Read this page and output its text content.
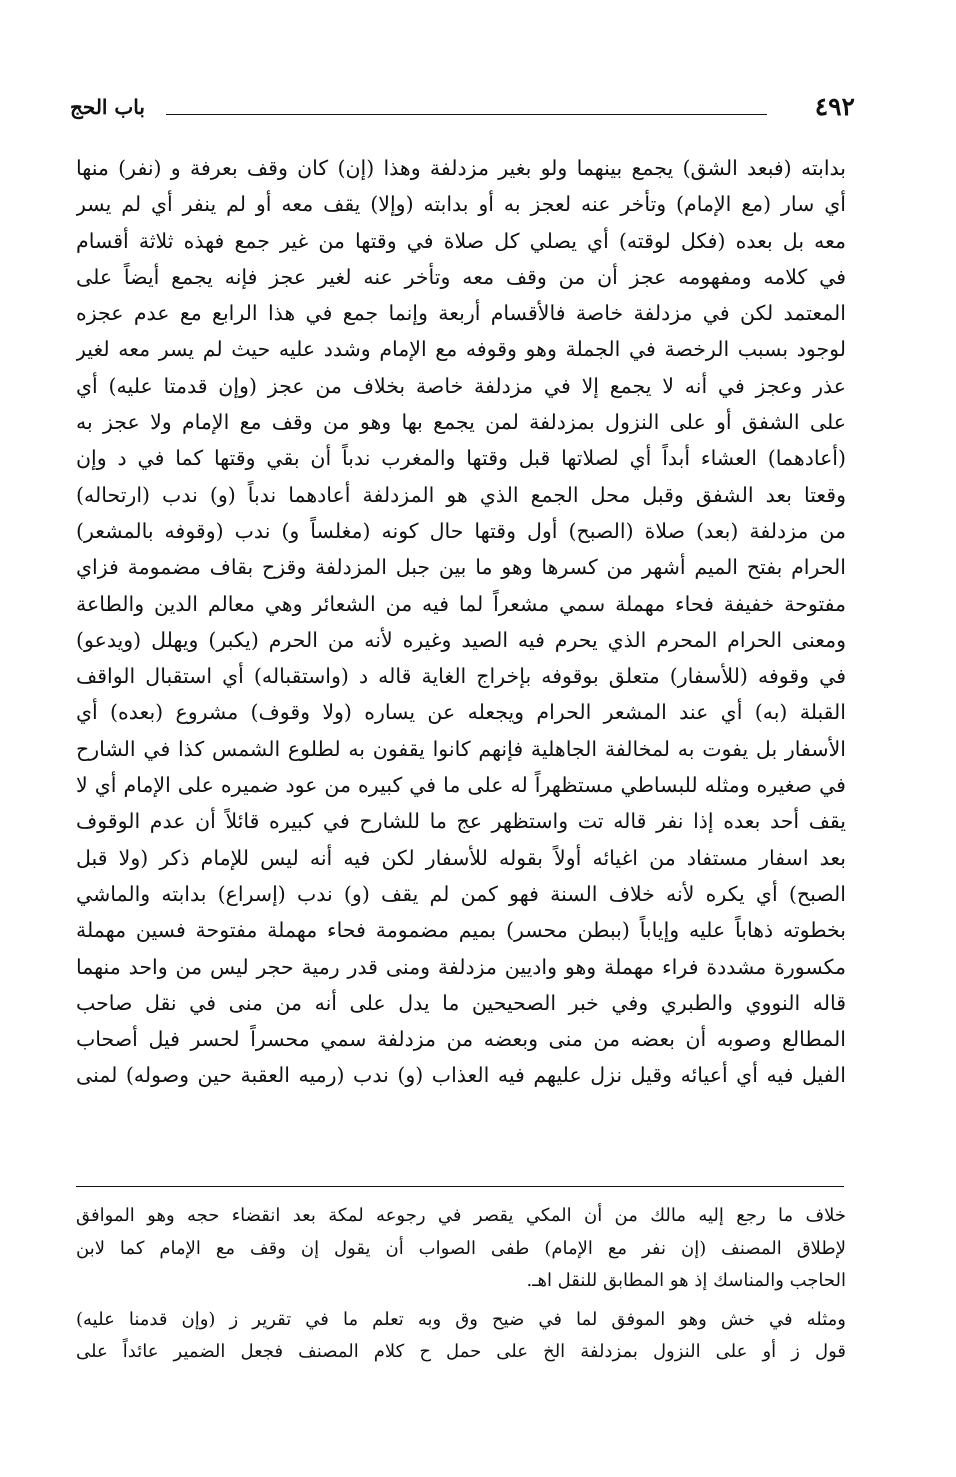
٤٩٢
باب الحج
بدابته (فبعد الشق) يجمع بينهما ولو بغير مزدلفة وهذا (إن) كان وقف بعرفة و (نفر) منها
أي سار (مع الإمام) وتأخر عنه لعجز به أو بدابته (وإلا) يقف معه أو لم ينفر أي لم يسر
معه بل بعده (فكل لوقته) أي يصلي كل صلاة في وقتها من غير جمع فهذه ثلاثة أقسام
في كلامه ومفهومه عجز أن من وقف معه وتأخر عنه لغير عجز فإنه يجمع أيضاً على
المعتمد لكن في مزدلفة خاصة فالأقسام أربعة وإنما جمع في هذا الرابع مع عدم عجزه
لوجود بسبب الرخصة في الجملة وهو وقوفه مع الإمام وشدد عليه حيث لم يسر معه لغير
عذر وعجز في أنه لا يجمع إلا في مزدلفة خاصة بخلاف من عجز (وإن قدمتا عليه) أي
على الشفق أو على النزول بمزدلفة لمن يجمع بها وهو من وقف مع الإمام ولا عجز به
(أعادهما) العشاء أبداً أي لصلاتها قبل وقتها والمغرب ندباً أن بقي وقتها كما في د وإن
وقعتا بعد الشفق وقبل محل الجمع الذي هو المزدلفة أعادهما ندباً (و) ندب (ارتحاله)
من مزدلفة (بعد) صلاة (الصبح) أول وقتها حال كونه (مغلساً و) ندب (وقوفه بالمشعر)
الحرام بفتح الميم أشهر من كسرها وهو ما بين جبل المزدلفة وقزح بقاف مضمومة فزاي
مفتوحة خفيفة فحاء مهملة سمي مشعراً لما فيه من الشعائر وهي معالم الدين والطاعة
ومعنى الحرام المحرم الذي يحرم فيه الصيد وغيره لأنه من الحرم (يكبر) ويهلل (ويدعو)
في وقوفه (للأسفار) متعلق بوقوفه بإخراج الغاية قاله د (واستقباله) أي استقبال الواقف
القبلة (به) أي عند المشعر الحرام ويجعله عن يساره (ولا وقوف) مشروع (بعده) أي
الأسفار بل يفوت به لمخالفة الجاهلية فإنهم كانوا يقفون به لطلوع الشمس كذا في الشارح
في صغيره ومثله للبساطي مستظهراً له على ما في كبيره من عود ضميره على الإمام أي لا
يقف أحد بعده إذا نفر قاله تت واستظهر عج ما للشارح في كبيره قائلاً أن عدم الوقوف
بعد اسفار مستفاد من اغيائه أولاً بقوله للأسفار لكن فيه أنه ليس للإمام ذكر (ولا قبل
الصبح) أي يكره لأنه خلاف السنة فهو كمن لم يقف (و) ندب (إسراع) بدابته والماشي
بخطوته ذهاباً عليه وإياباً (ببطن محسر) بميم مضمومة فحاء مهملة مفتوحة فسين مهملة
مكسورة مشددة فراء مهملة وهو واديين مزدلفة ومنى قدر رمية حجر ليس من واحد منهما
قاله النووي والطبري وفي خبر الصحيحين ما يدل على أنه من منى في نقل صاحب
المطالع وصوبه أن بعضه من منى وبعضه من مزدلفة سمي محسراً لحسر فيل أصحاب
الفيل فيه أي أعيائه وقيل نزل عليهم فيه العذاب (و) ندب (رميه العقبة حين وصوله) لمنى
خلاف ما رجع إليه مالك من أن المكي يقصر في رجوعه لمكة بعد انقضاء حجه وهو الموافق
لإطلاق المصنف (إن نفر مع الإمام) طفى الصواب أن يقول إن وقف مع الإمام كما لابن
الحاجب والمناسك إذ هو المطابق للنقل اهـ.
ومثله في خش وهو الموفق لما في ضيح وق وبه تعلم ما في تقرير ز (وإن قدمنا عليه)
قول ز أو على النزول بمزدلفة الخ على حمل ح كلام المصنف فجعل الضمير عائداً على
